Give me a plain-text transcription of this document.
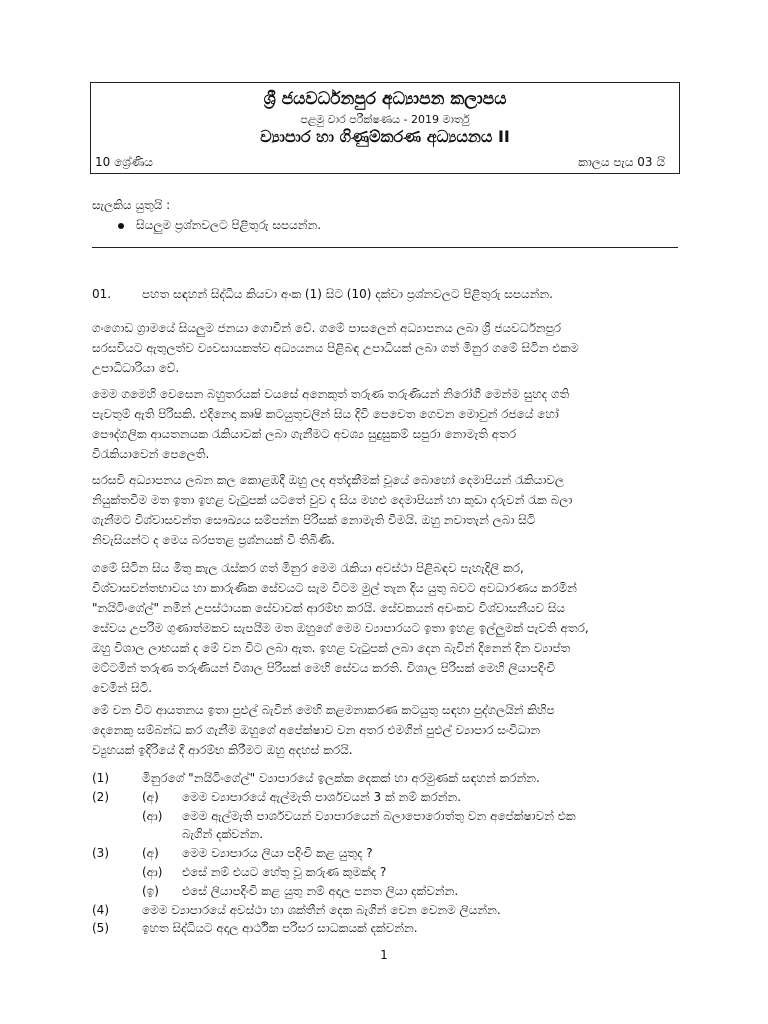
ශ්‍රී ජයවර්ධනපුර අධ්‍යාපන කලාපය
පළමු වාර පරීක්ෂණය - 2019 මාර්තු
ව්‍යාපාර හා ගිණුම්කරණ අධ්‍යයනය II
10 ශ්‍රේණිය	කාලය පැය 03 යි
සැලකිය යුතුයි :
සියලුම ප්‍රශ්නවලට පිළිතුරු සපයන්න.
01.	පහත සඳහන් සිද්ධිය කියවා අංක (1) සිට (10) දක්වා ප්‍රශ්නවලට පිළිතුරු සපයන්න.
ගංගොඩ ග්‍රාමයේ සියලුම ජනයා ගොවීන් වේ. ගමේ පාසලෙන් අධ්‍යාපනය ලබා ශ්‍රී ජයවර්ධනපුර
සරසවියට ඇතුලත්ව ව්‍යවසායකත්ව අධ්‍යයනය පිළිබඳ උපාධියක් ලබා ගත් මිනුර ගමේ සිටින එකම
උපාධිධාරියා වේ.
මෙම ගමෙහි වෙසෙන බහුතරයක් වයසේ අනෙකුත් තරුණ තරුණියන් නිරෝගී මෙන්ම සුහද ගති
පැවතුම් ඇති පිරිසකි. එදිනෙදා කෘෂි කටයුතුවලින් සිය දිවි පෙවෙත ගෙවන මොවුන් රජයේ හෝ
පෞද්ගලික ආයතනයක රැකියාවක් ලබා ගැනීමට අවශ්‍ය සුදුසුකම් සපුරා නොමැති අතර
විරැකියාවෙන් පෙලෙති.
සරසවි අධ්‍යාපනය ලබන කල කොළඹදී ඔහු ලද අත්දැකීමක් වූයේ බොහෝ දෙමාපියන් රැකියාවල
නියුක්තවීම මත ඉතා ඉහළ වැටුපක් යටතේ වුව ද සිය මහළු දෙමාපියන් හා කුඩා දරුවන් රැක බලා
ගැනීමට විශ්වාසවන්ත සෞඛ්‍යය සම්පන්න පිරිසක් නොමැති වීමයි. ඔහු නවාතැන් ලබා සිටි
නිවැසියන්ට ද මෙය බරපතළ ප්‍රශ්නයක් වී තිබිණි.
ගමේ සිටින සිය මිතු කැල රැස්කර ගත් මිනුර මෙම රැකියා අවස්ථා පිළිබඳව පැහැදිලි කර,
විශ්වාසවන්තභාවය හා කාරුණික සේවයට සැම විටම මුල් තැන දිය යුතු බවට අවධාරණය කරමින්
"නයිටිංගේල්" නමින් උපස්ථායක සේවාවක් ආරම්භ කරයි. සේවකයන් අවංකව විශ්වාසනීයව සිය
සේවය උපරිම ගුණාත්මකව සැපයීම මත ඔහුගේ මෙම ව්‍යාපාරයට ඉතා ඉහළ ඉල්ලුමක් පැවති අතර,
ඔහු විශාල ලාභයක් ද මේ වන විට ලබා ඇත. ඉහළ වැටුපක් ලබා දෙන බැවින් දිනෙන් දින ව්‍යාප්ත
මට්ටමින් තරුණ තරුණියන් විශාල පිරිසක් මෙහි සේවය කරති. විශාල පිරිසක් මෙහි ලියාපදිංචි
වෙමින් සිටී.
මේ වන විට ආයතනය ඉතා පුළුල් බැවින් මෙහි කළමනාකරණ කටයුතු සඳහා පුද්ගලයින් කිහිප
දෙනෙකු සම්බන්ධ කර ගැනීම ඔහුගේ අපේක්ෂාව වන අතර එමගින් පුළුල් ව්‍යාපාර සංවිධාන
ව්‍යුහයක් ඉදිරියේ දී ආරම්භ කිරීමට ඔහු අදහස් කරයි.
(1)	මිනුරගේ "නයිටිංගේල්" ව්‍යාපාරයේ ඉලක්ක දෙකක් හා අරමුණක් සඳහන් කරන්න.
(2)	(අ) මෙම ව්‍යාපාරයේ ඇල්මැති පාර්ශවයන් 3 ක් නම් කරන්න.
(ආ) මෙම ඇල්මැති පාර්ශවයන් ව්‍යාපාරයෙන් බලාපොරොත්තු වන අපේක්ෂාවන් එක
බැගින් දක්වන්න.
(3)	(අ) මෙම ව්‍යාපාරය ලියා පදිංචි කළ යුතුද ?
(ආ) එසේ නම් එයට හේතු වූ කරුණ කුමක්ද ?
(ඉ) එසේ ලියාපදිංචි කළ යුතු නම් අදාල පනත ලියා දක්වන්න.
(4)	මෙම ව්‍යාපාරයේ අවස්ථා හා ශක්තීන් දෙක බැගින් වෙන වෙනම ලියන්න.
(5)	ඉහත සිද්ධියට අදාල ආර්ථික පරිසර සාධකයක් දක්වන්න.
1
